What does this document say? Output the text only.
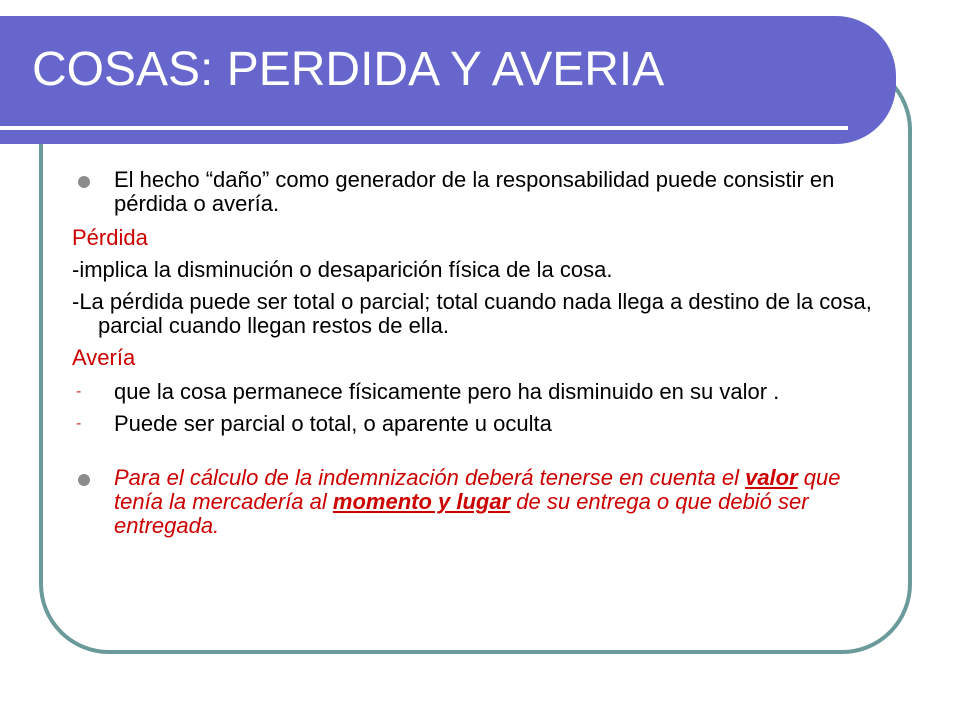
COSAS: PERDIDA Y AVERIA
El hecho “daño” como generador de la responsabilidad puede consistir en pérdida o avería.
Pérdida
-implica la disminución o desaparición física de la cosa.
-La pérdida puede ser total o parcial; total cuando nada llega a destino de la cosa, parcial cuando llegan restos de ella.
Avería
- que la cosa permanece físicamente pero ha disminuido en su valor .
- Puede ser parcial o total, o aparente u oculta
Para el cálculo de la indemnización deberá tenerse en cuenta el valor que tenía la mercadería al momento y lugar de su entrega o que debió ser entregada.
